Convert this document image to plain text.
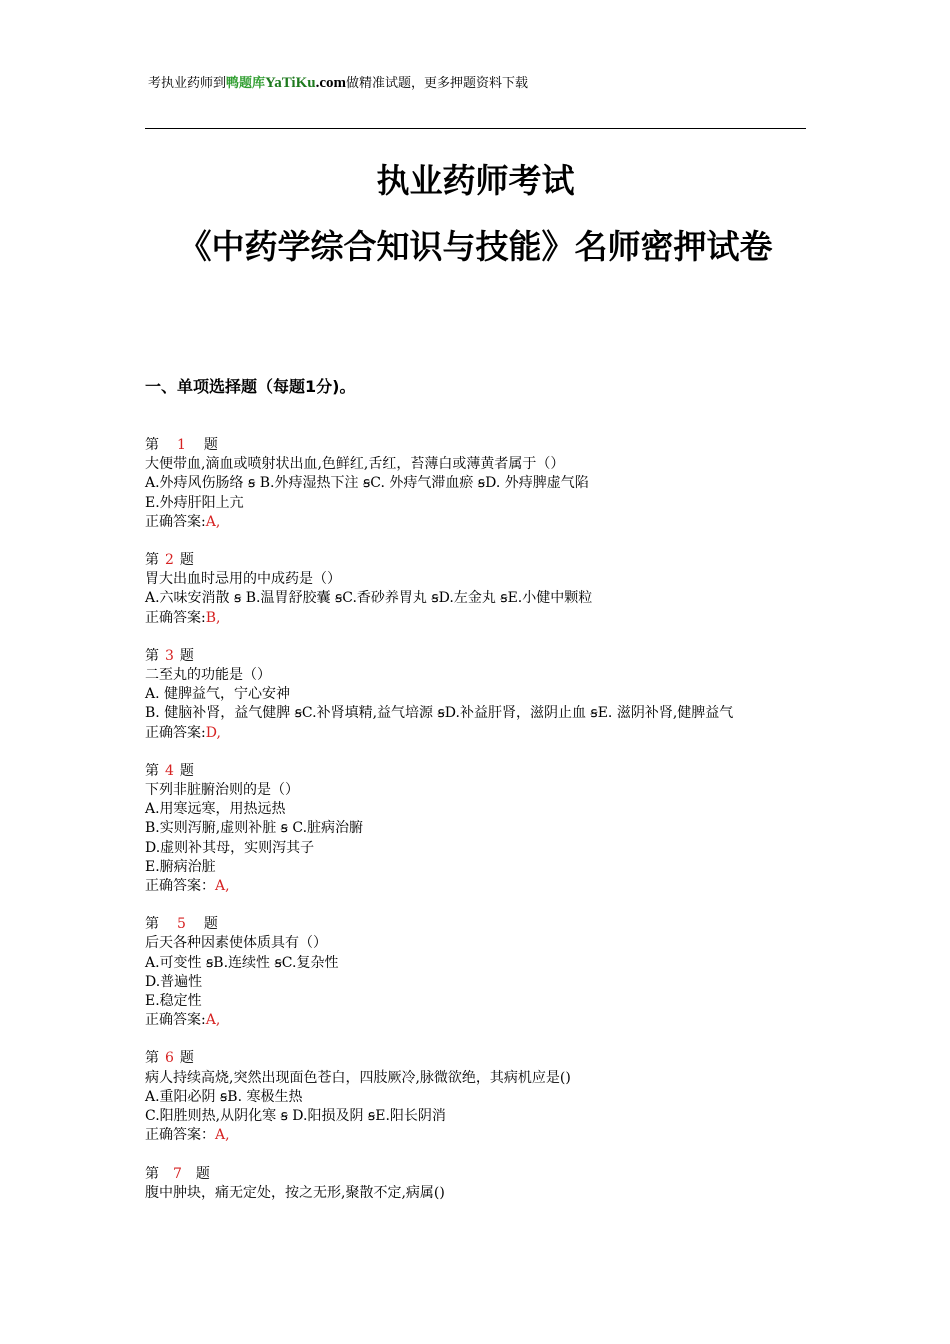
考执业药师到鸭题库YaTiKu.com做精准试题，更多押题资料下载
执业药师考试
《中药学综合知识与技能》名师密押试卷
一、单项选择题（每题1分)。

第 1 题

大便带血,滴血或喷射状出血,色鲜红,舌红，苔薄白或薄黄者属于（）

A.外痔风伤肠络 ꞩ B.外痔湿热下注 ꞩC. 外痔气滞血瘀 ꞩD. 外痔脾虚气陷

E.外痔肝阳上亢

正确答案:A,

第 2 题

胃大出血时忌用的中成药是（）

A.六味安消散 ꞩ B.温胃舒胶囊 ꞩC.香砂养胃丸 ꞩD.左金丸 ꞩE.小健中颗粒

正确答案:B,

第 3 题

二至丸的功能是（）

A. 健脾益气，宁心安神

B. 健脑补肾，益气健脾 ꞩC.补肾填精,益气培源 ꞩD.补益肝肾，滋阴止血 ꞩE. 滋阴补肾,健脾益气

正确答案:D,

第 4 题

下列非脏腑治则的是（）

A.用寒远寒，用热远热

B.实则泻腑,虚则补脏 ꞩ C.脏病治腑

D.虚则补其母，实则泻其子

E.腑病治脏

正确答案：A,

第 5 题

后天各种因素使体质具有（）

A.可变性 ꞩB.连续性 ꞩC.复杂性

D.普遍性

E.稳定性

正确答案:A,

第 6 题

病人持续高烧,突然出现面色苍白，四肢厥冷,脉微欲绝，其病机应是()

A.重阳必阴 ꞩB. 寒极生热

C.阳胜则热,从阴化寒 ꞩ D.阳损及阴 ꞩE.阳长阴消

正确答案：A,

第 7 题

腹中肿块，痛无定处，按之无形,聚散不定,病属()
